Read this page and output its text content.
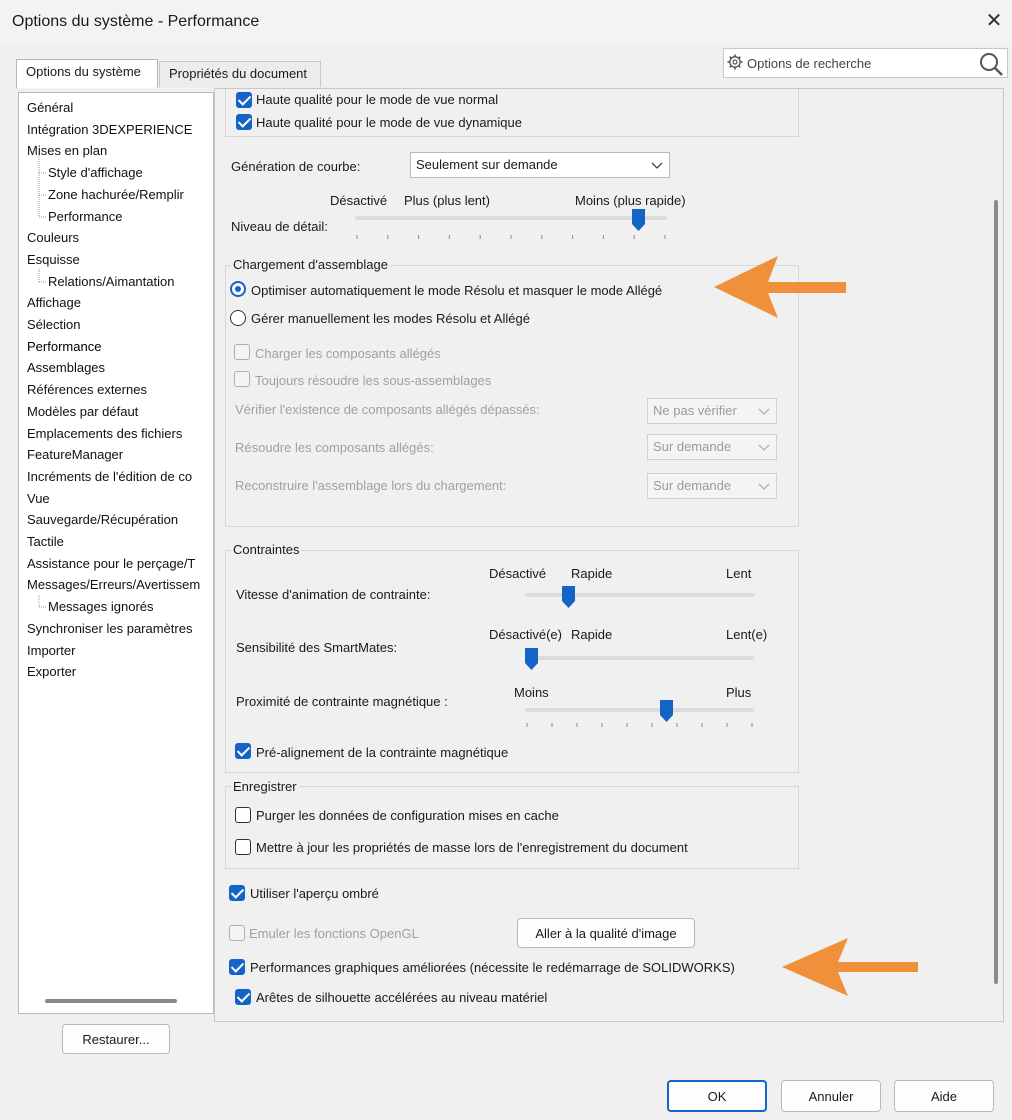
Options du système - Performance	✕
Options de recherche
Propriétés du document
Options du système
Général
Intégration 3DEXPERIENCE
Mises en plan
Style d'affichage
Zone hachurée/Remplir
Performance
Couleurs
Esquisse
Relations/Aimantation
Affichage
Sélection
Performance
Assemblages
Références externes
Modèles par défaut
Emplacements des fichiers
FeatureManager
Incréments de l'édition de co
Vue
Sauvegarde/Récupération
Tactile
Assistance pour le perçage/T
Messages/Erreurs/Avertissem
Messages ignorés
Synchroniser les paramètres
Importer
Exporter
Haute qualité pour le mode de vue normal
Haute qualité pour le mode de vue dynamique
Génération de courbe:	Seulement sur demande
Désactivé Plus (plus lent)	Moins (plus rapide)
Niveau de détail:
Chargement d'assemblage
Optimiser automatiquement le mode Résolu et masquer le mode Allégé
Gérer manuellement les modes Résolu et Allégé
Charger les composants allégés
Toujours résoudre les sous-assemblages
Vérifier l'existence de composants allégés dépassés:	Ne pas vérifier
Résoudre les composants allégés:	Sur demande
Reconstruire l'assemblage lors du chargement:	Sur demande
Contraintes
Désactivé Rapide	Lent
Vitesse d'animation de contrainte:
Désactivé(e) Rapide	Lent(e)
Sensibilité des SmartMates:
Moins	Plus
Proximité de contrainte magnétique :
Pré-alignement de la contrainte magnétique
Enregistrer
Purger les données de configuration mises en cache
Mettre à jour les propriétés de masse lors de l'enregistrement du document
Utiliser l'aperçu ombré
Emuler les fonctions OpenGL	Aller à la qualité d'image
Performances graphiques améliorées (nécessite le redémarrage de SOLIDWORKS)
Arêtes de silhouette accélérées au niveau matériel
Restaurer...
OK	Annuler	Aide
